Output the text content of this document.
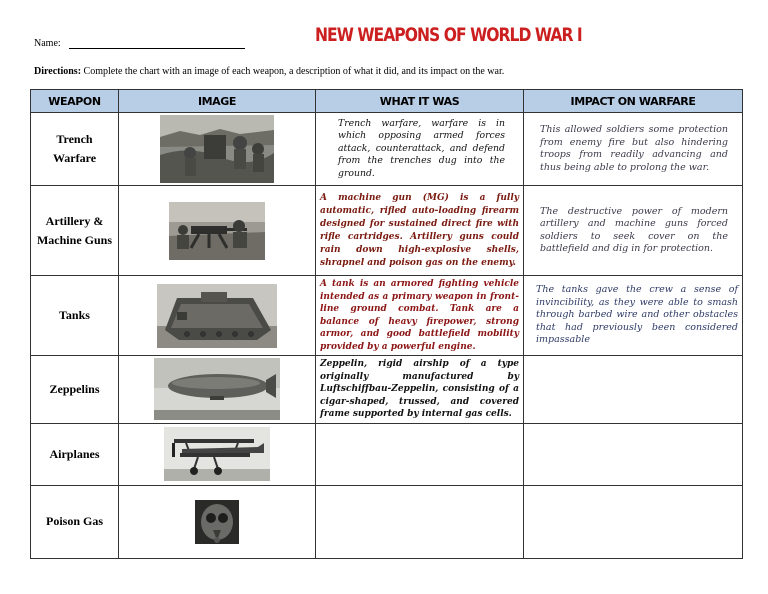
Name:	NEW WEAPONS OF WORLD WAR I
Directions: Complete the chart with an image of each weapon, a description of what it did, and its impact on the war.
WEAPON	IMAGE	WHAT IT WAS	IMPACT ON WARFARE
Trench Warfare		Trench warfare, warfare is in which opposing armed forces attack, counterattack, and defend from the trenches dug into the ground.	This allowed soldiers some protection from enemy fire but also hindering troops from readily advancing and thus being able to prolong the war.

Artillery & Machine Guns		A machine gun (MG) is a fully automatic, rifled auto-loading firearm designed for sustained direct fire with rifle cartridges. Artillery guns could rain down high-explosive shells, shrapnel and poison gas on the enemy.	The destructive power of modern artillery and machine guns forced soldiers to seek cover on the battlefield and dig in for protection.

Tanks		A tank is an armored fighting vehicle intended as a primary weapon in front-line ground combat. Tank are a balance of heavy firepower, strong armor, and good battlefield mobility provided by a powerful engine.	The tanks gave the crew a sense of invincibility, as they were able to smash through barbed wire and other obstacles that had previously been considered impassable

Zeppelins		Zeppelin, rigid airship of a type originally manufactured by Luftschiffbau-Zeppelin, consisting of a cigar-shaped, trussed, and covered frame supported by internal gas cells.	

Airplanes		

Poison Gas		
